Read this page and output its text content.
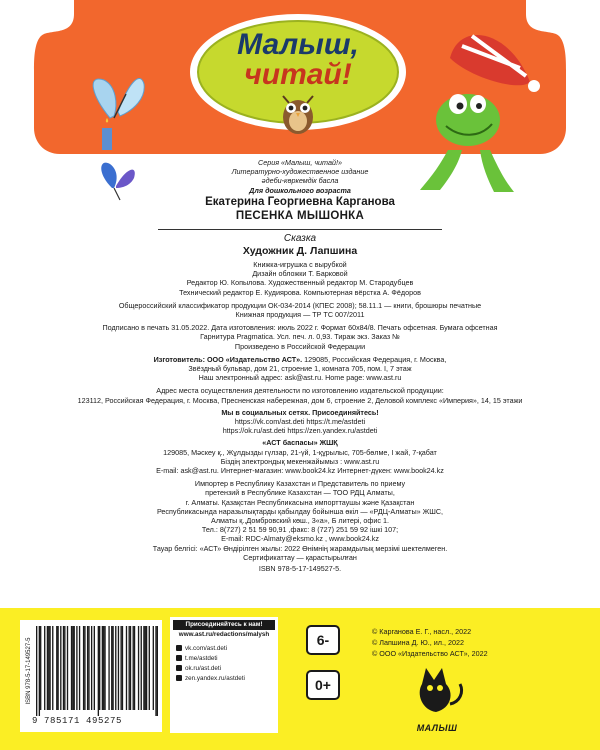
Малыш,
читай!
Серия «Малыш, читай!»
Литературно-художественное издание
әдеби-көркемдік басла
Для дошкольного возраста
Екатерина Георгиевна Карганова
ПЕСЕНКА МЫШОНКА
Сказка
Художник Д. Лапшина
Книжка-игрушка с вырубкой
Дизайн обложки Т. Барковой
Редактор Ю. Копылова. Художественный редактор М. Стародубцев
Технический редактор Е. Кудиярова. Компьютерная вёрстка А. Фёдоров
Общероссийский классификатор продукции ОК-034-2014 (КПЕС 2008); 58.11.1 — книги, брошюры печатные
Книжная продукция — ТР ТС 007/2011
Подписано в печать 31.05.2022. Дата изготовления: июль 2022 г. Формат 60х84/8. Печать офсетная. Бумага офсетная
Гарнитура Pragmatica. Усл. печ. л. 0,93. Тираж экз. Заказ №
Произведено в Российской Федерации
Изготовитель: ООО «Издательство АСТ». 129085, Российская Федерация, г. Москва,
Звёздный бульвар, дом 21, строение 1, комната 705, пом. I, 7 этаж
Наш электронный адрес: ask@ast.ru. Home page: www.ast.ru
Адрес места осуществления деятельности по изготовлению издательской продукции:
123112, Российская Федерация, г. Москва, Пресненская набережная, дом 6, строение 2, Деловой комплекс «Империя», 14, 15 этажи
Мы в социальных сетях. Присоединяйтесь!
https://vk.com/ast.deti https://t.me/astdeti
https://ok.ru/ast.deti https://zen.yandex.ru/astdeti
«АСТ баспасы» ЖШҚ
129085, Мәскеу қ., Жұлдызды гүлзар, 21-үй, 1-құрылыс, 705-бөлме, I жай, 7-қабат
Біздің электрондық мекенжайымыз : www.ast.ru
E-mail: ask@ast.ru. Интернет-магазин: www.book24.kz Интернет-дүкен: www.book24.kz
Импортер в Республику Казахстан и Представитель по приему
претензий в Республике Казахстан — ТОО РДЦ Алматы,
г. Алматы. Қазақстан Республикасына импорттаушы және Қазақстан
Республикасында наразылықтарды қабылдау бойынша өкіл — «РДЦ-Алматы» ЖШС,
Алматы қ.,Домбровский көш., 3«а», Б литері, офис 1.
Тел.: 8(727) 2 51 59 90,91 ,факс: 8 (727) 251 59 92 ішкі 107;
E-mail: RDC-Almaty@eksmo.kz , www.book24.kz
Тауар белгісі: «АСТ» Өндірілген жылы: 2022 Өнімнің жарамдылық мерзімі шектелмеген.
Сертификаттау — қарастырылған
ISBN 978-5-17-149527-5.
ISBN 978-5-17-149527-5
9 785171 495275
Присоединяйтесь к нам!
www.ast.ru/redactions/malysh
vk.com/ast.deti
t.me/astdeti
ok.ru/ast.deti
zen.yandex.ru/astdeti
6-
0+
© Карганова Е. Г., насл., 2022
© Лапшина Д. Ю., ил., 2022
© ООО «Издательство АСТ», 2022
МАЛЫШ
